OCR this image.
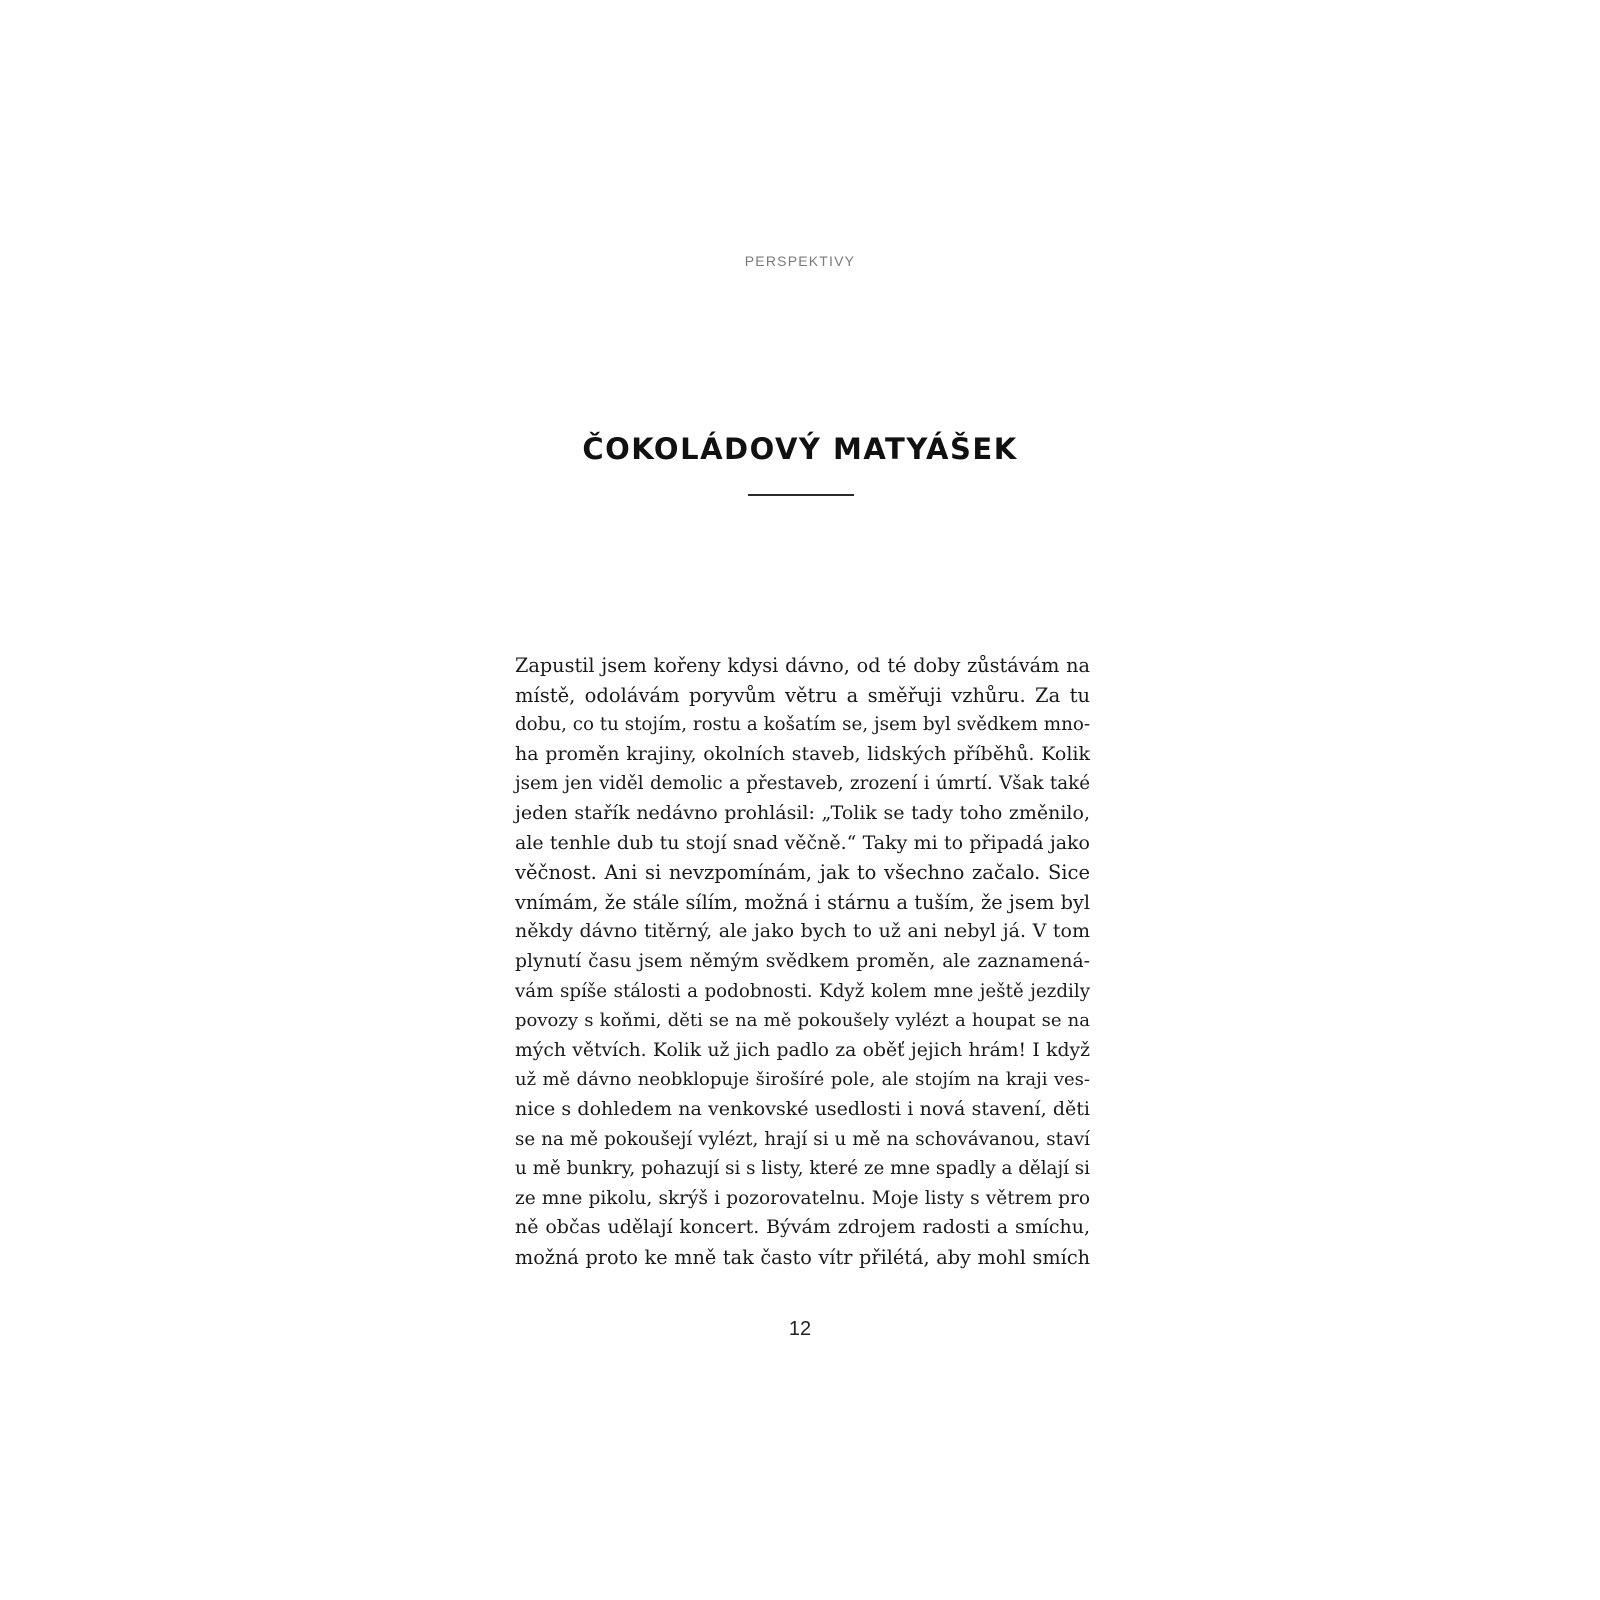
PERSPEKTIVY
ČOKOLÁDOVÝ MATYÁŠEK
Zapustil jsem kořeny kdysi dávno, od té doby zůstávám na
místě, odolávám poryvům větru a směřuji vzhůru. Za tu
dobu, co tu stojím, rostu a košatím se, jsem byl svědkem mno-
ha proměn krajiny, okolních staveb, lidských příběhů. Kolik
jsem jen viděl demolic a přestaveb, zrození i úmrtí. Však také
jeden stařík nedávno prohlásil: „Tolik se tady toho změnilo,
ale tenhle dub tu stojí snad věčně.“ Taky mi to připadá jako
věčnost. Ani si nevzpomínám, jak to všechno začalo. Sice
vnímám, že stále sílím, možná i stárnu a tuším, že jsem byl
někdy dávno titěrný, ale jako bych to už ani nebyl já. V tom
plynutí času jsem němým svědkem proměn, ale zaznamená-
vám spíše stálosti a podobnosti. Když kolem mne ještě jezdily
povozy s koňmi, děti se na mě pokoušely vylézt a houpat se na
mých větvích. Kolik už jich padlo za oběť jejich hrám! I když
už mě dávno neobklopuje širošíré pole, ale stojím na kraji ves-
nice s dohledem na venkovské usedlosti i nová stavení, děti
se na mě pokoušejí vylézt, hrají si u mě na schovávanou, staví
u mě bunkry, pohazují si s listy, které ze mne spadly a dělají si
ze mne pikolu, skrýš i pozorovatelnu. Moje listy s větrem pro
ně občas udělají koncert. Bývám zdrojem radosti a smíchu,
možná proto ke mně tak často vítr přilétá, aby mohl smích
12
